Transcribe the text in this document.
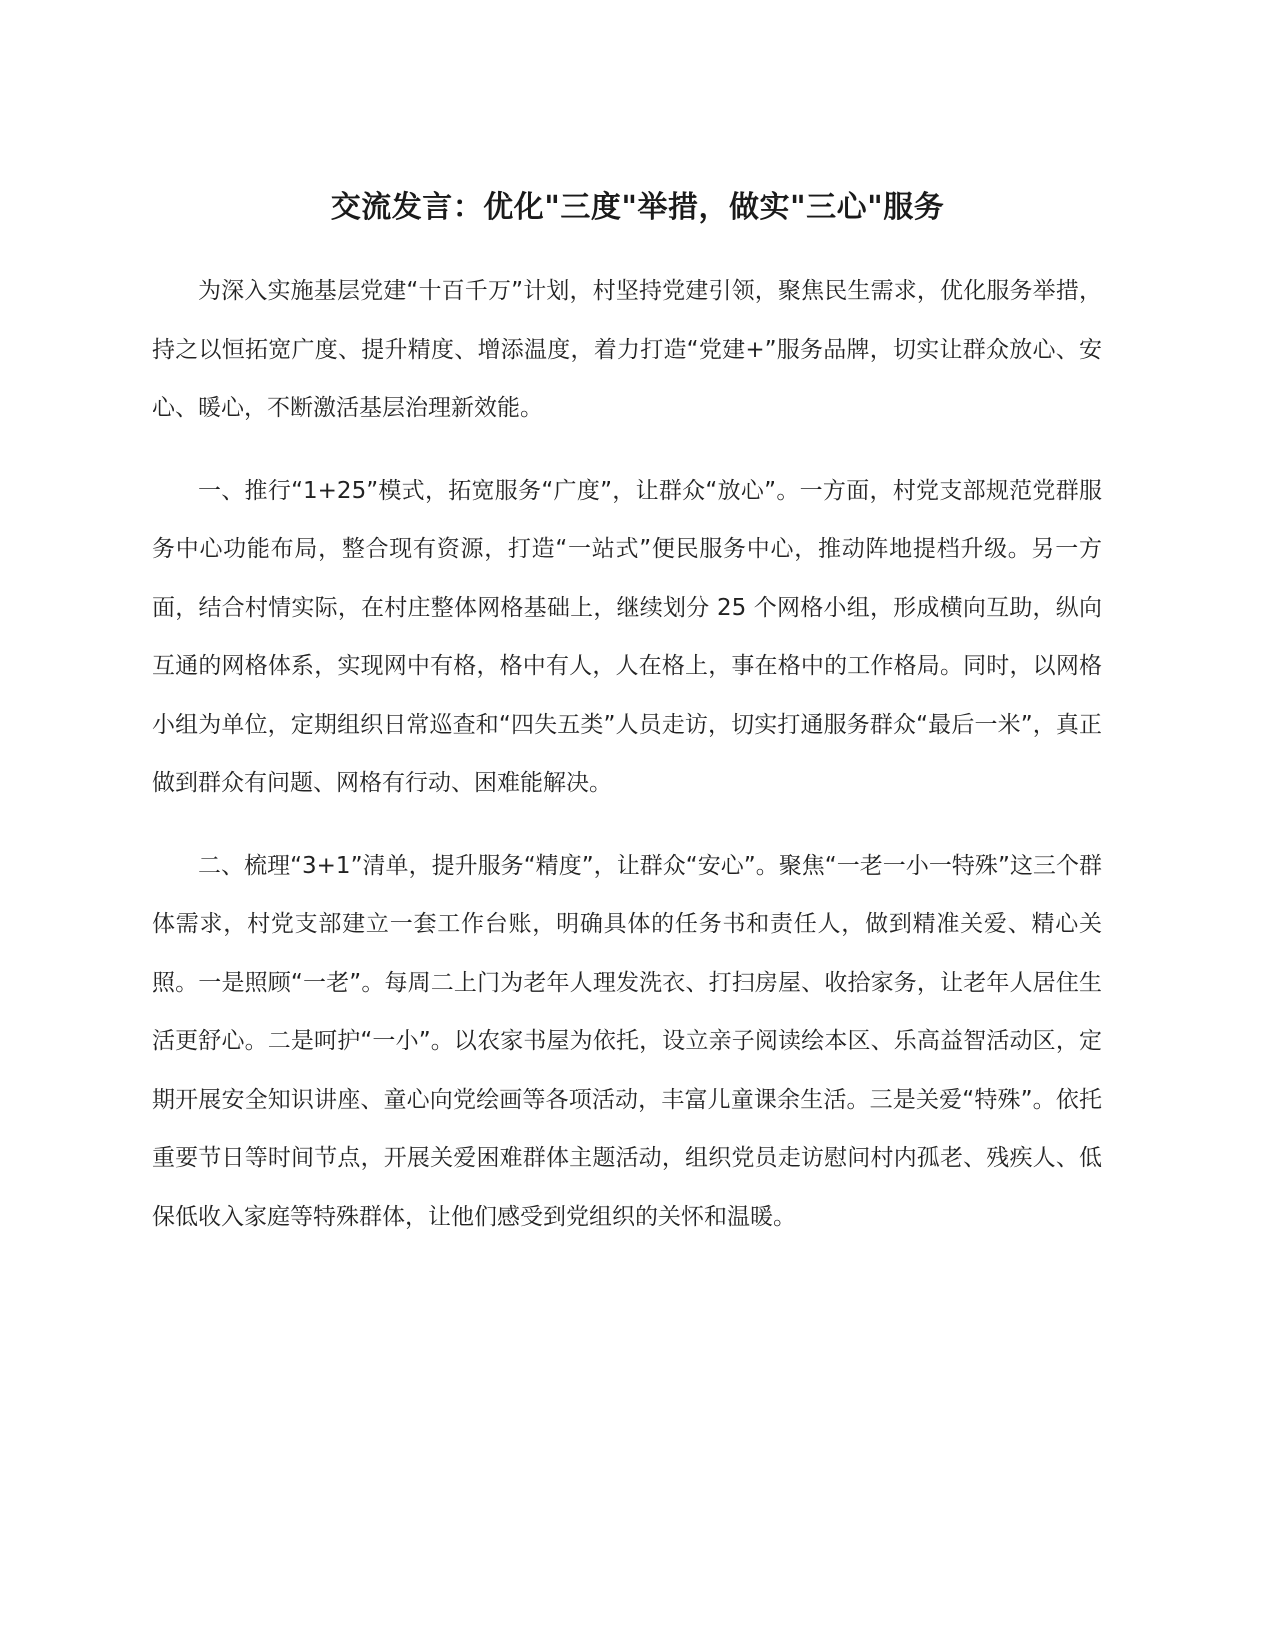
交流发言：优化"三度"举措，做实"三心"服务

为深入实施基层党建“十百千万”计划，村坚持党建引领，聚焦民生需求，优化服务举措，持之以恒拓宽广度、提升精度、增添温度，着力打造“党建+”服务品牌，切实让群众放心、安心、暖心，不断激活基层治理新效能。

一、推行“1+25”模式，拓宽服务“广度”，让群众“放心”。一方面，村党支部规范党群服务中心功能布局，整合现有资源，打造“一站式”便民服务中心，推动阵地提档升级。另一方面，结合村情实际，在村庄整体网格基础上，继续划分 25 个网格小组，形成横向互助，纵向互通的网格体系，实现网中有格，格中有人，人在格上，事在格中的工作格局。同时，以网格小组为单位，定期组织日常巡查和“四失五类”人员走访，切实打通服务群众“最后一米”，真正做到群众有问题、网格有行动、困难能解决。

二、梳理“3+1”清单，提升服务“精度”，让群众“安心”。聚焦“一老一小一特殊”这三个群体需求，村党支部建立一套工作台账，明确具体的任务书和责任人，做到精准关爱、精心关照。一是照顾“一老”。每周二上门为老年人理发洗衣、打扫房屋、收拾家务，让老年人居住生活更舒心。二是呵护“一小”。以农家书屋为依托，设立亲子阅读绘本区、乐高益智活动区，定期开展安全知识讲座、童心向党绘画等各项活动，丰富儿童课余生活。三是关爱“特殊”。依托重要节日等时间节点，开展关爱困难群体主题活动，组织党员走访慰问村内孤老、残疾人、低保低收入家庭等特殊群体，让他们感受到党组织的关怀和温暖。
